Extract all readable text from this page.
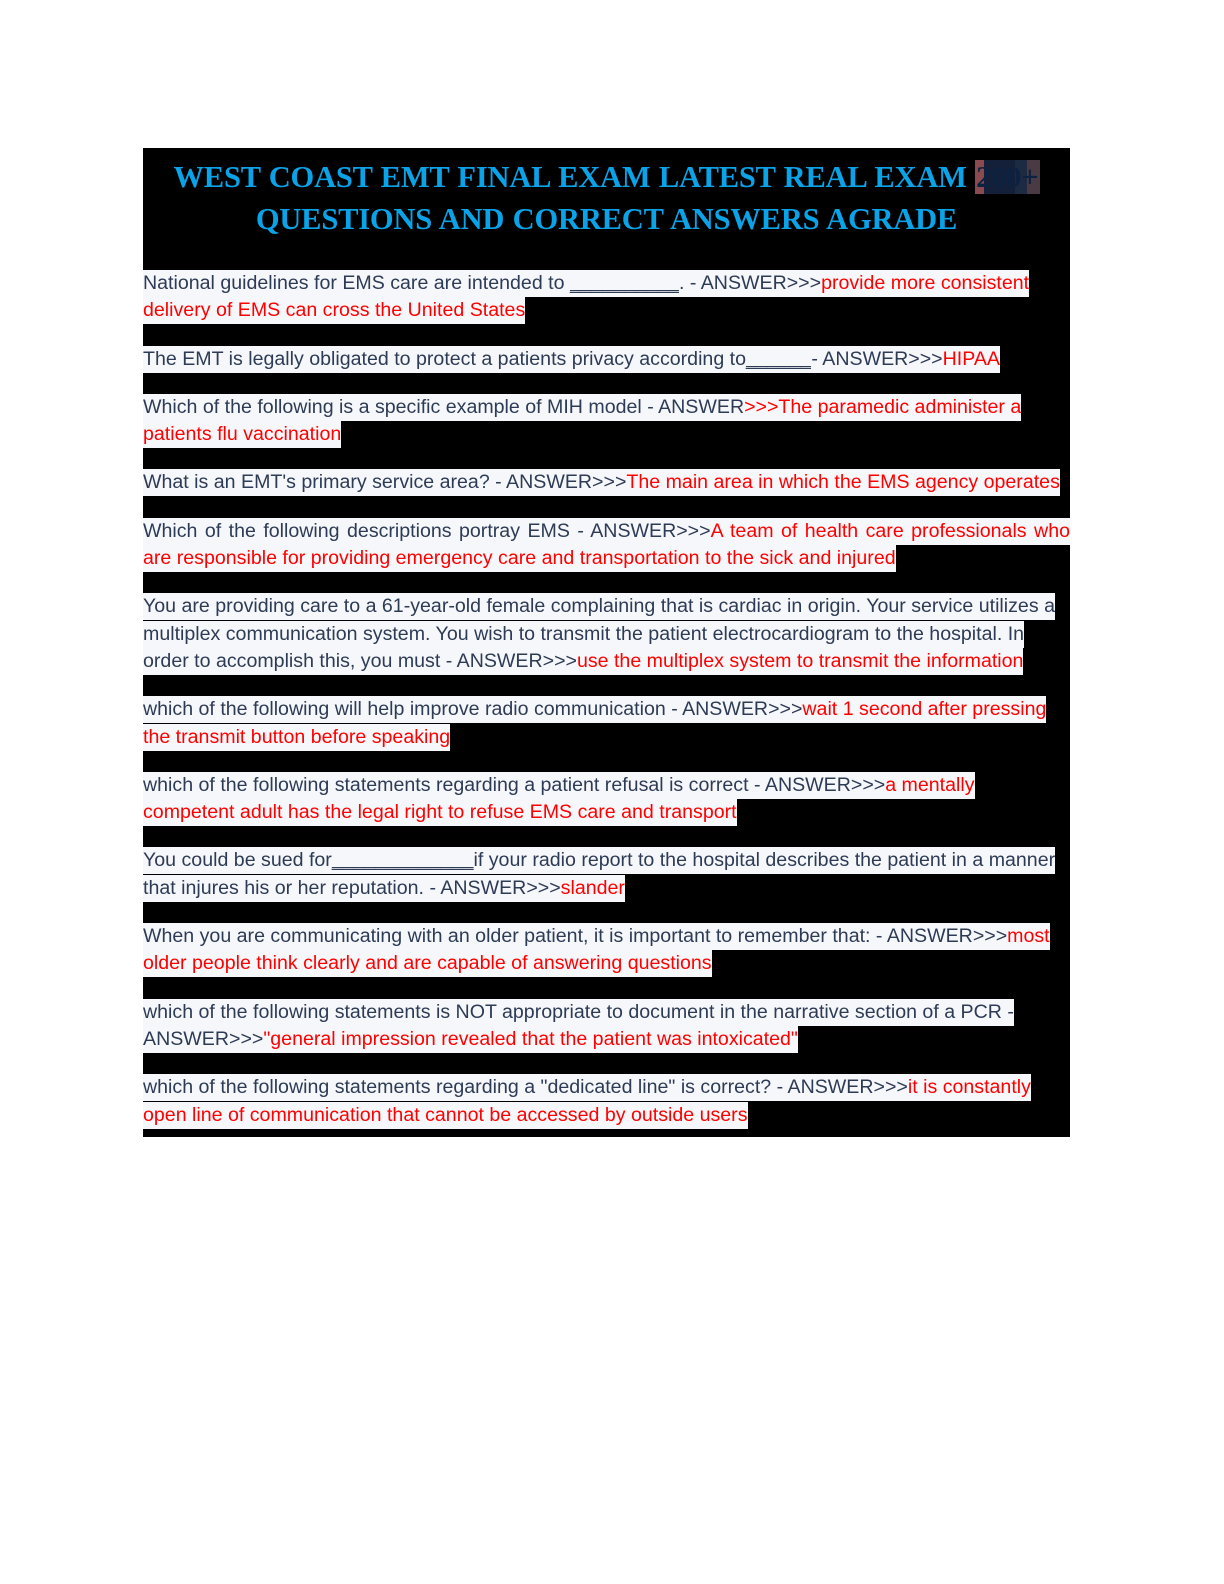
WEST COAST EMT FINAL EXAM LATEST REAL EXAM 200+ QUESTIONS AND CORRECT ANSWERS AGRADE
National guidelines for EMS care are intended to __________. - ANSWER>>>provide more consistent delivery of EMS can cross the United States
The EMT is legally obligated to protect a patients privacy according to______- ANSWER>>>HIPAA
Which of the following is a specific example of MIH model - ANSWER>>>The paramedic administer a patients flu vaccination
What is an EMT's primary service area? - ANSWER>>>The main area in which the EMS agency operates
Which of the following descriptions portray EMS - ANSWER>>>A team of health care professionals who are responsible for providing emergency care and transportation to the sick and injured
You are providing care to a 61-year-old female complaining that is cardiac in origin. Your service utilizes a multiplex communication system. You wish to transmit the patient electrocardiogram to the hospital. In order to accomplish this, you must - ANSWER>>>use the multiplex system to transmit the information
which of the following will help improve radio communication - ANSWER>>>wait 1 second after pressing the transmit button before speaking
which of the following statements regarding a patient refusal is correct - ANSWER>>>a mentally competent adult has the legal right to refuse EMS care and transport
You could be sued for_____________if your radio report to the hospital describes the patient in a manner that injures his or her reputation. - ANSWER>>>slander
When you are communicating with an older patient, it is important to remember that: - ANSWER>>>most older people think clearly and are capable of answering questions
which of the following statements is NOT appropriate to document in the narrative section of a PCR - ANSWER>>>"general impression revealed that the patient was intoxicated"
which of the following statements regarding a "dedicated line" is correct? - ANSWER>>>it is constantly open line of communication that cannot be accessed by outside users
